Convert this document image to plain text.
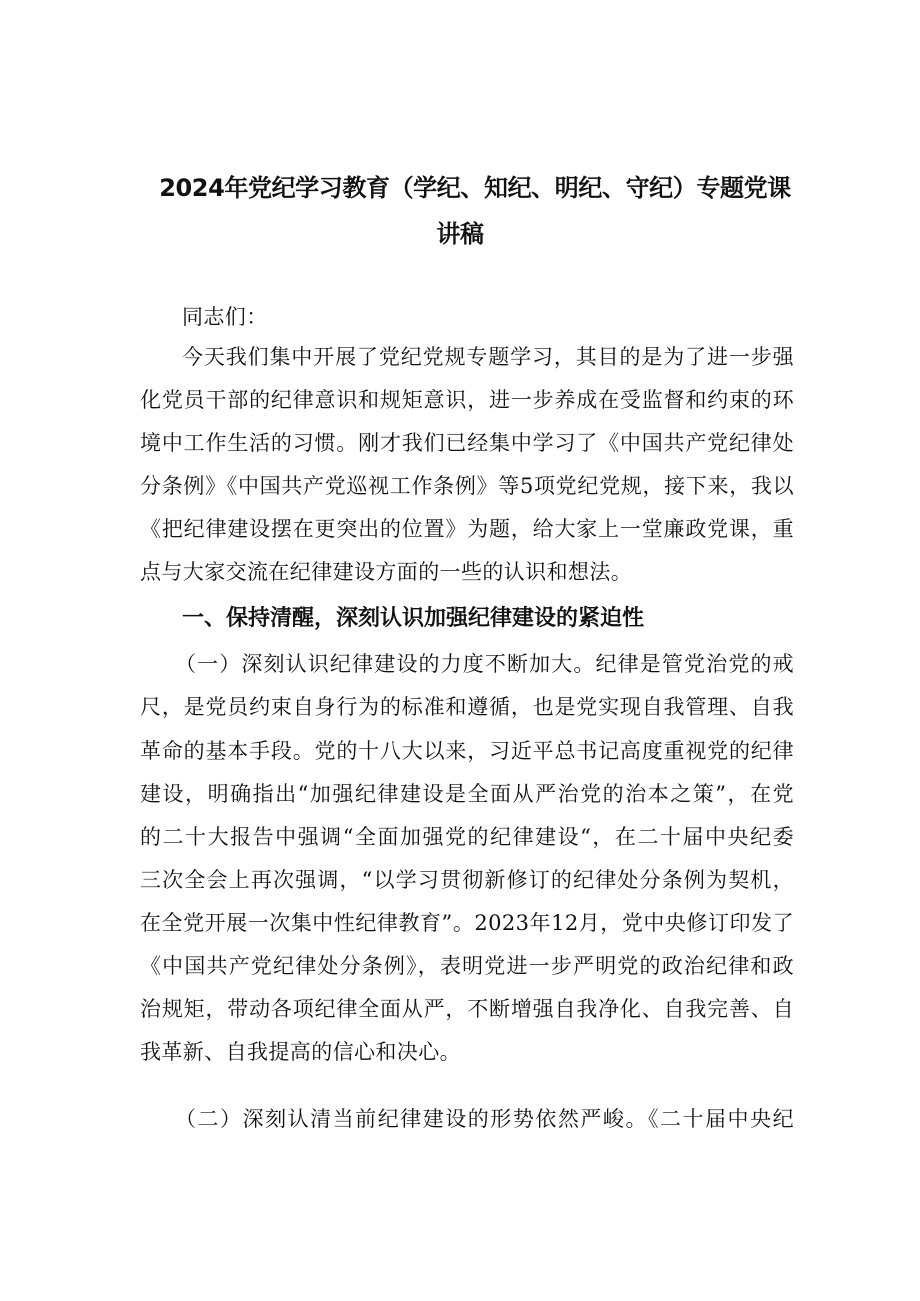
2024年党纪学习教育（学纪、知纪、明纪、守纪）专题党课
讲稿

同志们：

今天我们集中开展了党纪党规专题学习，其目的是为了进一步强

化党员干部的纪律意识和规矩意识，进一步养成在受监督和约束的环

境中工作生活的习惯。刚才我们已经集中学习了《中国共产党纪律处

分条例》《中国共产党巡视工作条例》等5项党纪党规，接下来，我以

《把纪律建设摆在更突出的位置》为题，给大家上一堂廉政党课，重

点与大家交流在纪律建设方面的一些的认识和想法。

一、保持清醒，深刻认识加强纪律建设的紧迫性

（一）深刻认识纪律建设的力度不断加大。纪律是管党治党的戒

尺，是党员约束自身行为的标准和遵循，也是党实现自我管理、自我

革命的基本手段。党的十八大以来，习近平总书记高度重视党的纪律

建设，明确指出“加强纪律建设是全面从严治党的治本之策”，在党

的二十大报告中强调“全面加强党的纪律建设“，在二十届中央纪委

三次全会上再次强调，“以学习贯彻新修订的纪律处分条例为契机，

在全党开展一次集中性纪律教育”。2023年12月，党中央修订印发了

《中国共产党纪律处分条例》，表明党进一步严明党的政治纪律和政

治规矩，带动各项纪律全面从严，不断增强自我净化、自我完善、自

我革新、自我提高的信心和决心。

（二）深刻认清当前纪律建设的形势依然严峻。《二十届中央纪
